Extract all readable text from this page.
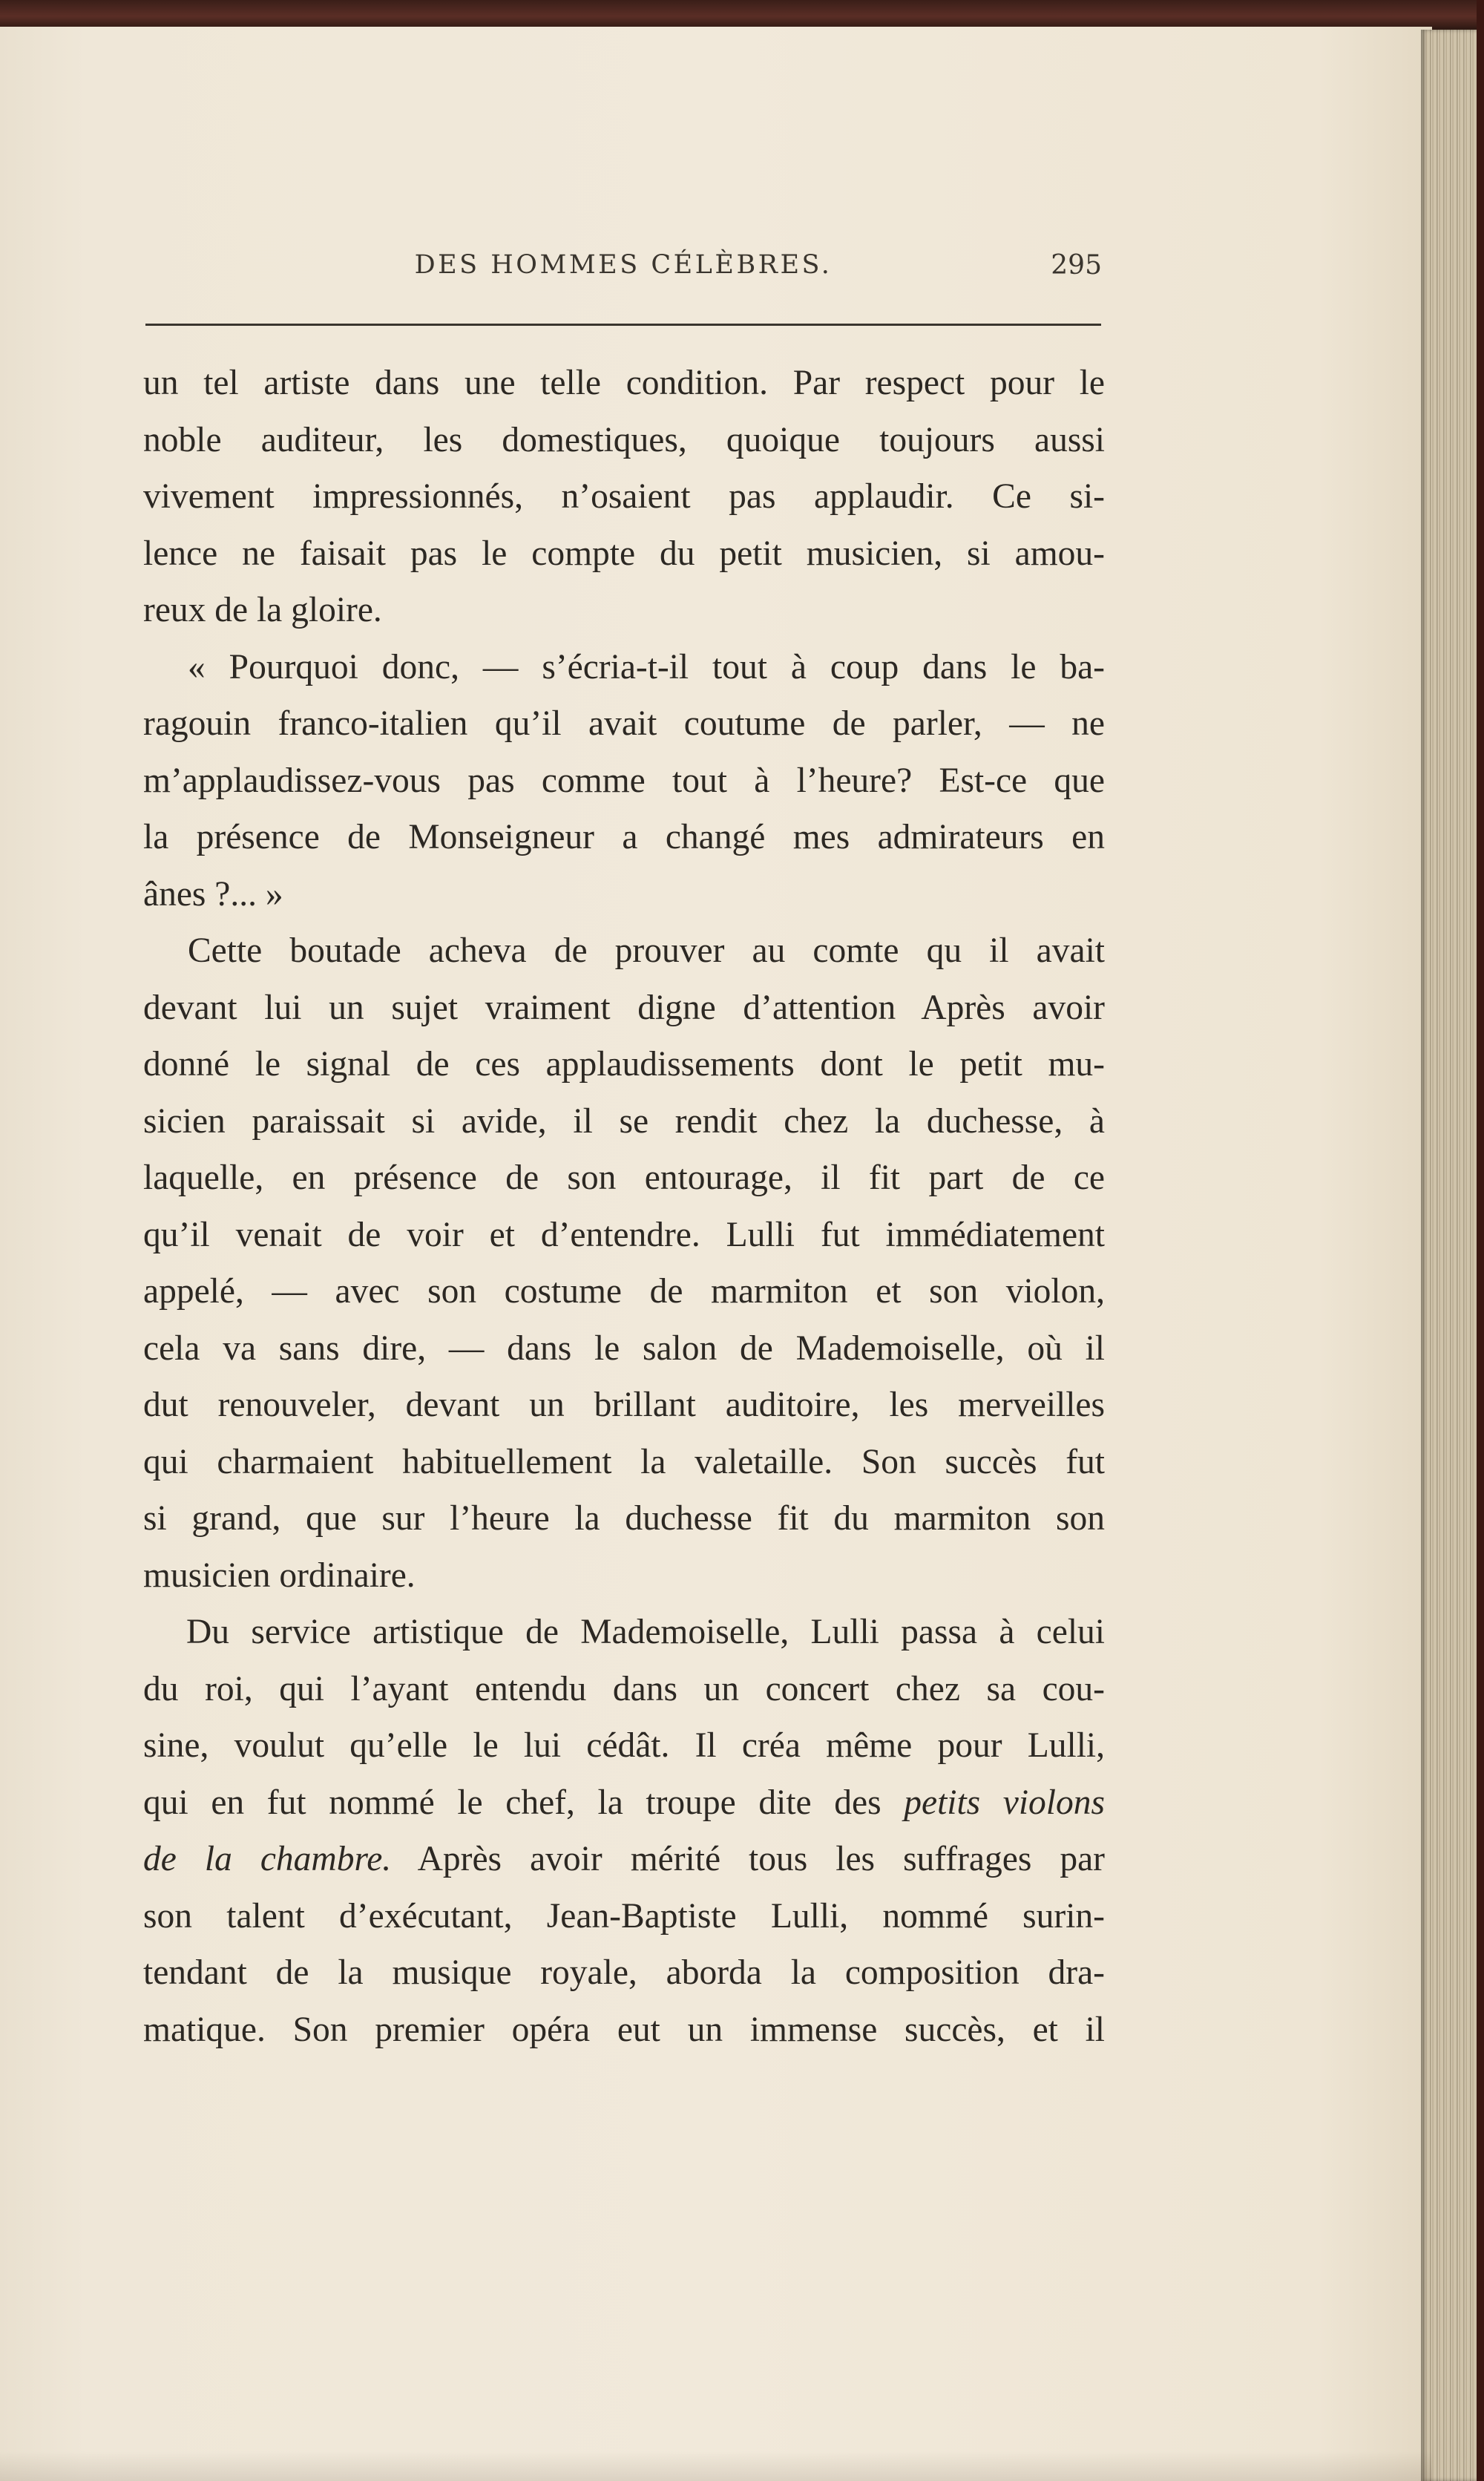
DES HOMMES CÉLÈBRES.	295
un tel artiste dans une telle condition. Par respect pour le
noble auditeur, les domestiques, quoique toujours aussi
vivement impressionnés, n’osaient pas applaudir. Ce si-
lence ne faisait pas le compte du petit musicien, si amou-
reux de la gloire.
« Pourquoi donc, — s’écria-t-il tout à coup dans le ba-
ragouin franco-italien qu’il avait coutume de parler, — ne
m’applaudissez-vous pas comme tout à l’heure? Est-ce que
la présence de Monseigneur a changé mes admirateurs en
ânes ?... »
Cette boutade acheva de prouver au comte qu il avait
devant lui un sujet vraiment digne d’attention Après avoir
donné le signal de ces applaudissements dont le petit mu-
sicien paraissait si avide, il se rendit chez la duchesse, à
laquelle, en présence de son entourage, il fit part de ce
qu’il venait de voir et d’entendre. Lulli fut immédiatement
appelé, — avec son costume de marmiton et son violon,
cela va sans dire, — dans le salon de Mademoiselle, où il
dut renouveler, devant un brillant auditoire, les merveilles
qui charmaient habituellement la valetaille. Son succès fut
si grand, que sur l’heure la duchesse fit du marmiton son
musicien ordinaire.
Du service artistique de Mademoiselle, Lulli passa à celui
du roi, qui l’ayant entendu dans un concert chez sa cou-
sine, voulut qu’elle le lui cédât. Il créa même pour Lulli,
qui en fut nommé le chef, la troupe dite des petits violons
de la chambre. Après avoir mérité tous les suffrages par
son talent d’exécutant, Jean-Baptiste Lulli, nommé surin-
tendant de la musique royale, aborda la composition dra-
matique. Son premier opéra eut un immense succès, et il
